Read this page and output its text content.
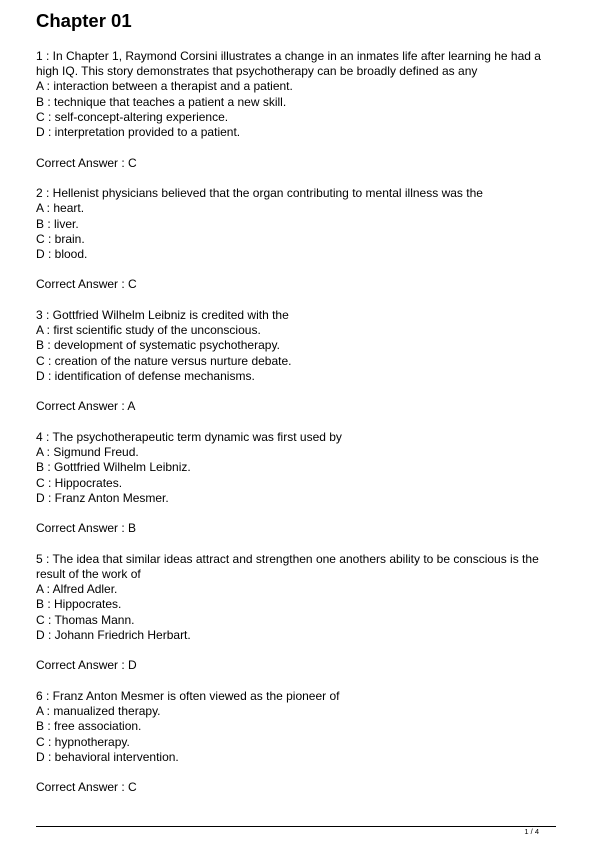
Chapter 01
1 : In Chapter 1, Raymond Corsini illustrates a change in an inmates life after learning he had a high IQ. This story demonstrates that psychotherapy can be broadly defined as any
A : interaction between a therapist and a patient.
B : technique that teaches a patient a new skill.
C : self-concept-altering experience.
D : interpretation provided to a patient.
Correct Answer : C
2 : Hellenist physicians believed that the organ contributing to mental illness was the
A : heart.
B : liver.
C : brain.
D : blood.
Correct Answer : C
3 : Gottfried Wilhelm Leibniz is credited with the
A : first scientific study of the unconscious.
B : development of systematic psychotherapy.
C : creation of the nature versus nurture debate.
D : identification of defense mechanisms.
Correct Answer : A
4 : The psychotherapeutic term dynamic was first used by
A : Sigmund Freud.
B : Gottfried Wilhelm Leibniz.
C : Hippocrates.
D : Franz Anton Mesmer.
Correct Answer : B
5 : The idea that similar ideas attract and strengthen one anothers ability to be conscious is the result of the work of
A : Alfred Adler.
B : Hippocrates.
C : Thomas Mann.
D : Johann Friedrich Herbart.
Correct Answer : D
6 : Franz Anton Mesmer is often viewed as the pioneer of
A : manualized therapy.
B : free association.
C : hypnotherapy.
D : behavioral intervention.
Correct Answer : C
1 / 4
